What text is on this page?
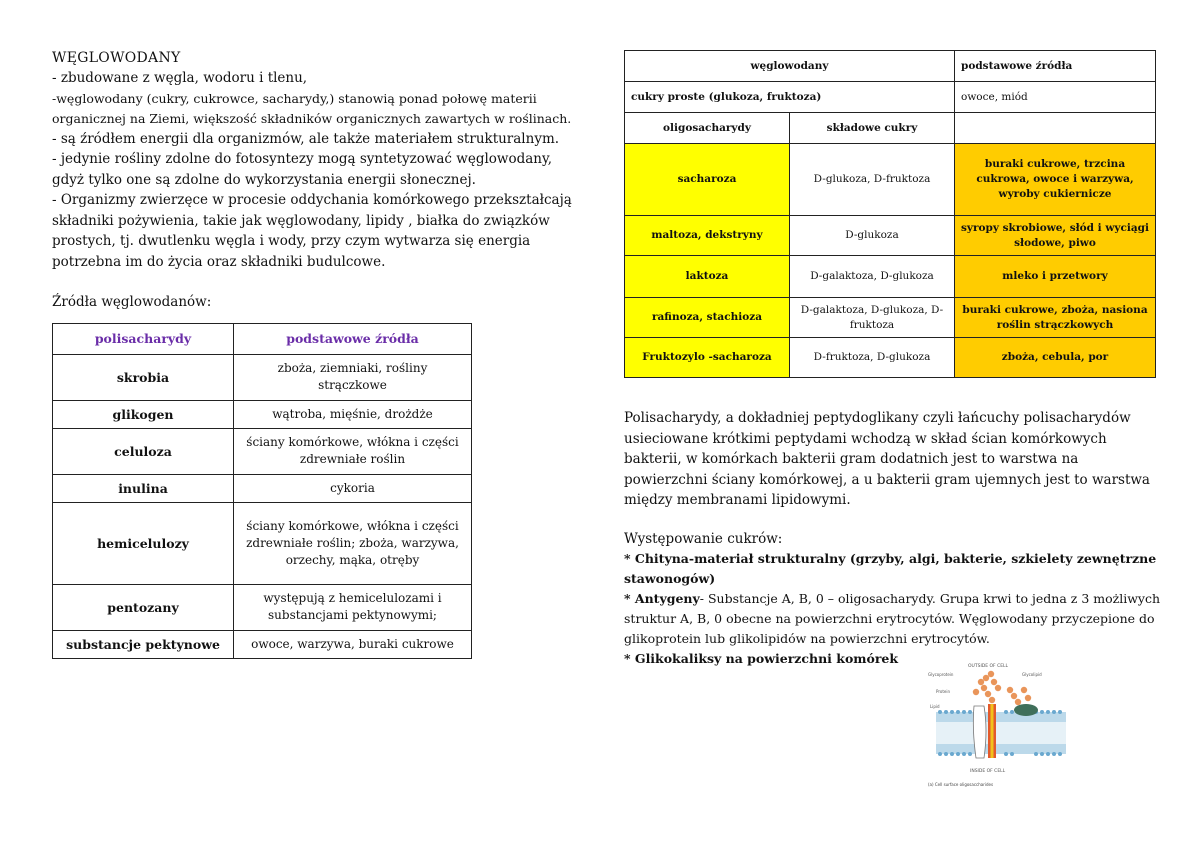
WĘGLOWODANY

- zbudowane z węgla, wodoru i tlenu,

-węglowodany (cukry, cukrowce, sacharydy,) stanowią ponad połowę materii organicznej na Ziemi, większość składników organicznych zawartych w roślinach.

- są źródłem energii dla organizmów, ale także materiałem strukturalnym.

- jedynie rośliny zdolne do fotosyntezy mogą syntetyzować węglowodany, gdyż tylko one są zdolne do wykorzystania energii słonecznej.

- Organizmy zwierzęce w procesie oddychania komórkowego przekształcają składniki pożywienia, takie jak węglowodany, lipidy , białka do związków prostych, tj. dwutlenku węgla i wody, przy czym wytwarza się energia potrzebna im do życia oraz składniki budulcowe.

Źródła węglowodanów:

polisacharydy	podstawowe źródła
skrobia	zboża, ziemniaki, rośliny strączkowe
glikogen	wątroba, mięśnie, drożdże
celuloza	ściany komórkowe, włókna i części zdrewniałe roślin
inulina	cykoria
hemicelulozy	ściany komórkowe, włókna i części zdrewniałe roślin; zboża, warzywa, orzechy, mąka, otręby
pentozany	występują z hemicelulozami i substancjami pektynowymi;
substancje pektynowe	owoce, warzywa, buraki cukrowe
węglowodany		podstawowe źródła
cukry proste (glukoza, fruktoza)		owoce, miód
oligosacharydy	składowe cukry	
sacharoza	D-glukoza, D-fruktoza	buraki cukrowe, trzcina cukrowa, owoce i warzywa, wyroby cukiernicze
maltoza, dekstryny	D-glukoza	syropy skrobiowe, słód i wyciągi słodowe, piwo
laktoza	D-galaktoza, D-glukoza	mleko i przetwory
rafinoza, stachioza	D-galaktoza, D-glukoza, D-fruktoza	buraki cukrowe, zboża, nasiona roślin strączkowych
Fruktozylo -sacharoza	D-fruktoza, D-glukoza	zboża, cebula, por

Polisacharydy, a dokładniej peptydoglikany czyli łańcuchy polisacharydów usieciowane krótkimi peptydami wchodzą w skład ścian komórkowych bakterii, w komórkach bakterii gram dodatnich jest to warstwa na powierzchni ściany komórkowej, a u bakterii gram ujemnych jest to warstwa między membranami lipidowymi.

Występowanie cukrów:

* Chityna-materiał strukturalny (grzyby, algi, bakterie, szkielety zewnętrzne stawonogów)

* Antygeny- Substancje A, B, 0 – oligosacharydy. Grupa krwi to jedna z 3 możliwych struktur A, B, 0 obecne na powierzchni erytrocytów. Węglowodany przyczepione do glikoprotein lub glikolipidów na powierzchni erytrocytów.

* Glikokaliksy na powierzchni komórek

OUTSIDE OF CELL
Glycoprotein	Glycolipid
Protein
Lipid
INSIDE OF CELL
(a) Cell surface oligosaccharides
